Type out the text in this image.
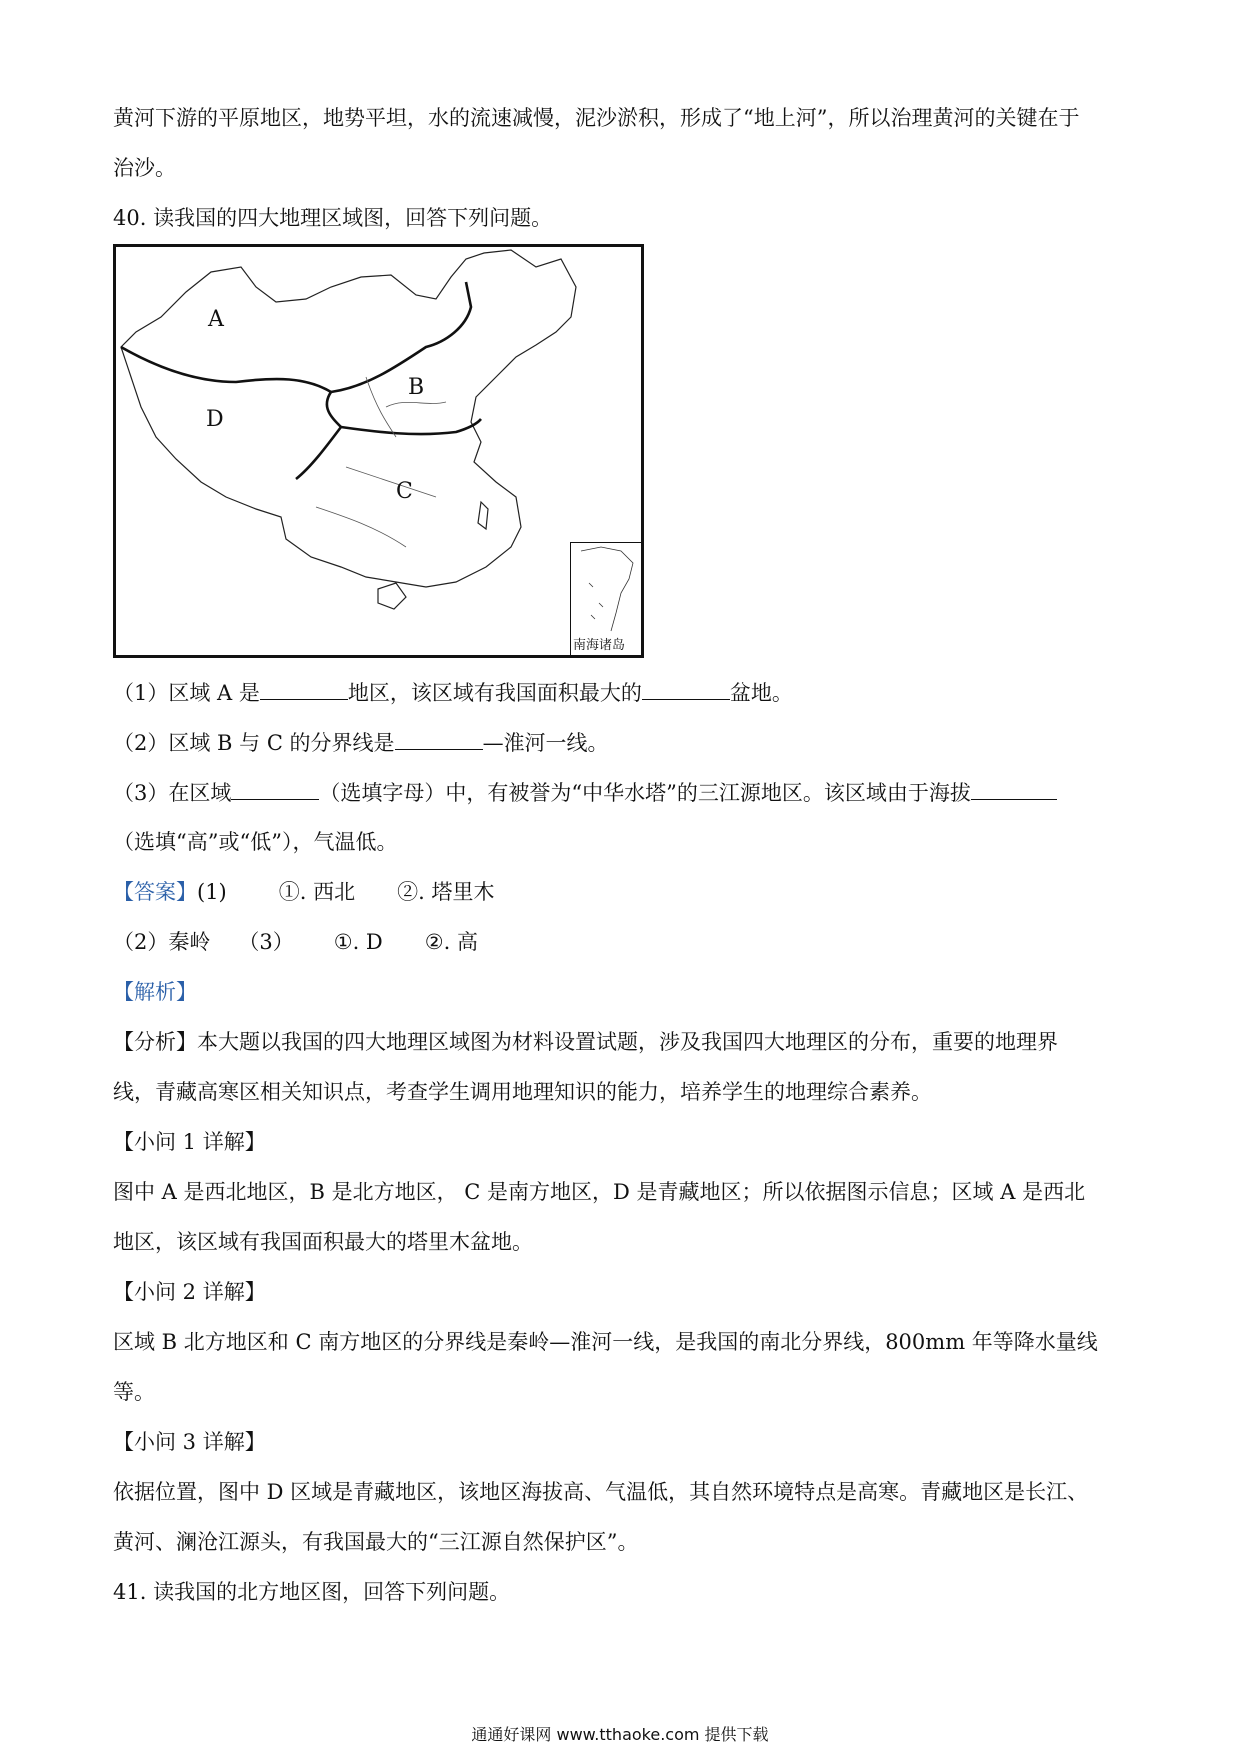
黄河下游的平原地区，地势平坦，水的流速减慢，泥沙淤积，形成了“地上河”，所以治理黄河的关键在于
治沙。
40. 读我国的四大地理区域图，回答下列问题。
A
B
C
D
南海诸岛
（1）区域 A 是	地区，该区域有我国面积最大的	盆地。
（2）区域 B 与 C 的分界线是	—淮河一线。
（3）在区域	（选填字母）中，有被誉为“中华水塔”的三江源地区。该区域由于海拔
（选填“高”或“低”），气温低。
【答案】(1) ①. 西北 ②. 塔里木
（2）秦岭 （3） ①. D ②. 高
【解析】
【分析】本大题以我国的四大地理区域图为材料设置试题，涉及我国四大地理区的分布，重要的地理界
线，青藏高寒区相关知识点，考查学生调用地理知识的能力，培养学生的地理综合素养。
【小问 1 详解】
图中 A 是西北地区，B 是北方地区， C 是南方地区，D 是青藏地区；所以依据图示信息；区域 A 是西北
地区，该区域有我国面积最大的塔里木盆地。
【小问 2 详解】
区域 B 北方地区和 C 南方地区的分界线是秦岭—淮河一线，是我国的南北分界线，800mm 年等降水量线
等。
【小问 3 详解】
依据位置，图中 D 区域是青藏地区，该地区海拔高、气温低，其自然环境特点是高寒。青藏地区是长江、
黄河、澜沧江源头，有我国最大的“三江源自然保护区”。
41. 读我国的北方地区图，回答下列问题。
通通好课网 www.tthaoke.com 提供下载
